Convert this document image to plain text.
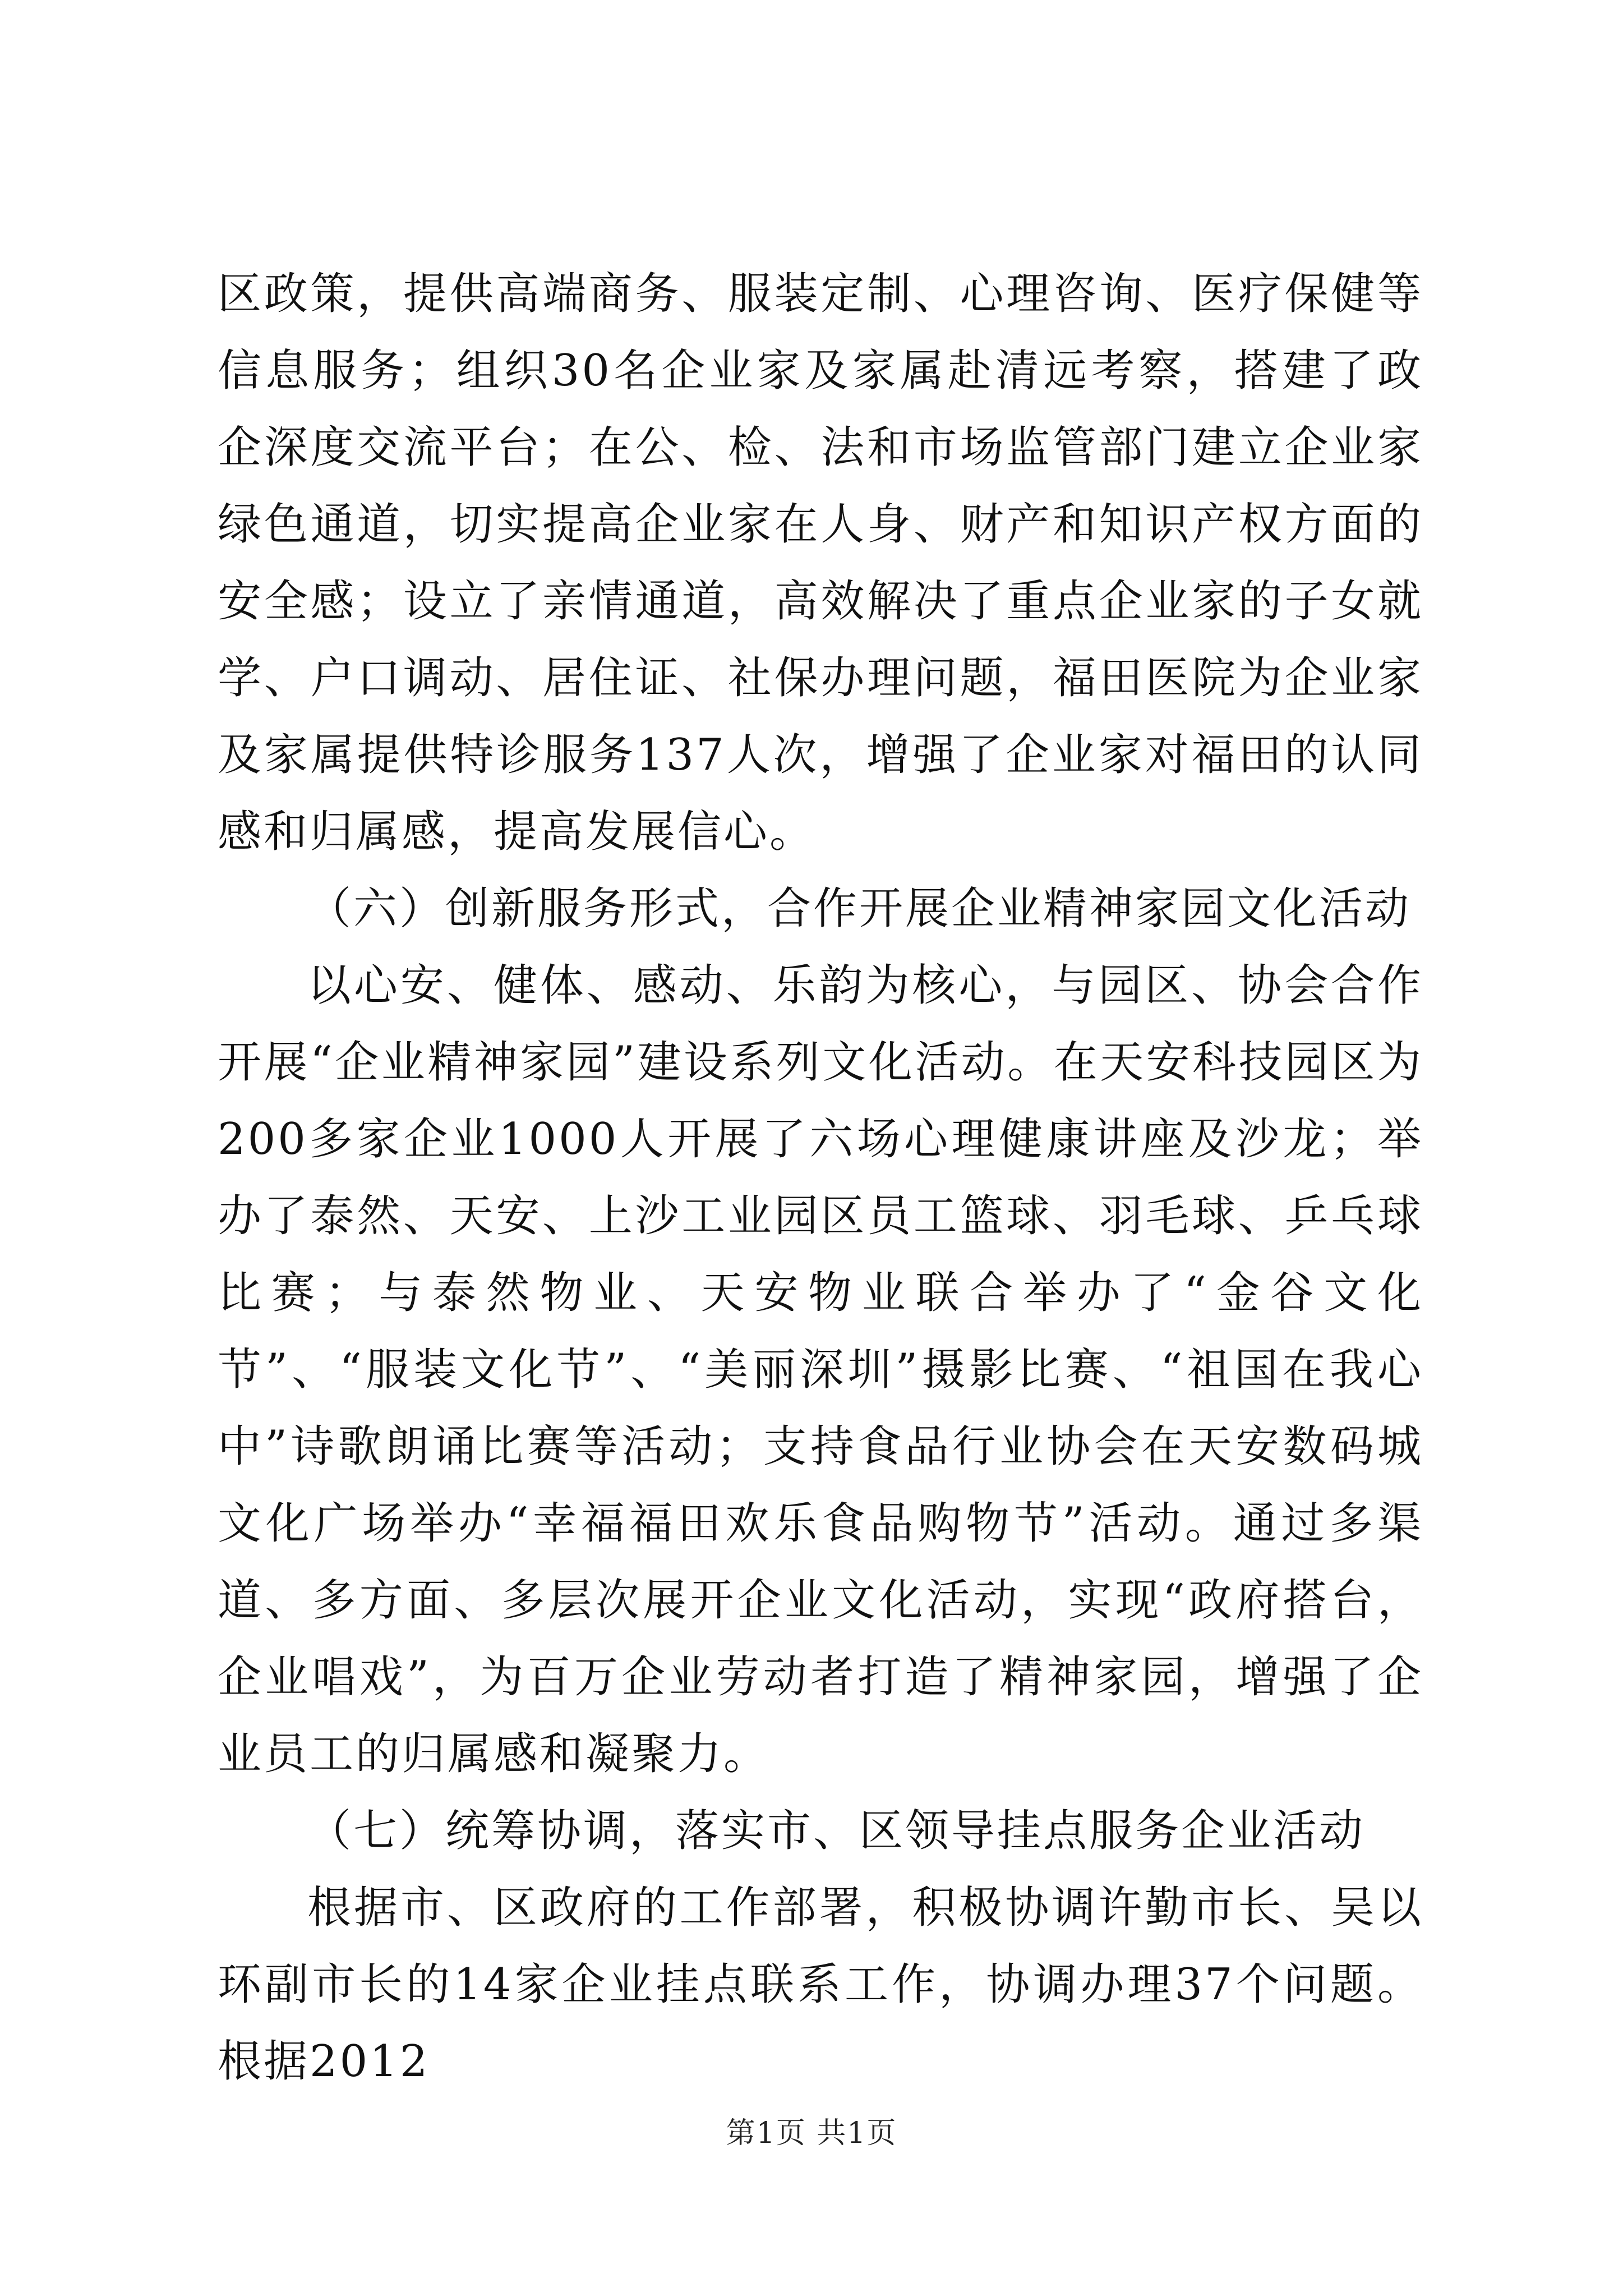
区政策，提供高端商务、服装定制、心理咨询、医疗保健等信息服务；组织30名企业家及家属赴清远考察，搭建了政企深度交流平台；在公、检、法和市场监管部门建立企业家绿色通道，切实提高企业家在人身、财产和知识产权方面的安全感；设立了亲情通道，高效解决了重点企业家的子女就学、户口调动、居住证、社保办理问题，福田医院为企业家及家属提供特诊服务137人次，增强了企业家对福田的认同感和归属感，提高发展信心。

（六）创新服务形式，合作开展企业精神家园文化活动

以心安、健体、感动、乐韵为核心，与园区、协会合作开展“企业精神家园”建设系列文化活动。在天安科技园区为200多家企业1000人开展了六场心理健康讲座及沙龙；举办了泰然、天安、上沙工业园区员工篮球、羽毛球、乒乓球比赛；与泰然物业、天安物业联合举办了“金谷文化节”、“服装文化节”、“美丽深圳”摄影比赛、“祖国在我心中”诗歌朗诵比赛等活动；支持食品行业协会在天安数码城文化广场举办“幸福福田欢乐食品购物节”活动。通过多渠道、多方面、多层次展开企业文化活动，实现“政府搭台，企业唱戏”，为百万企业劳动者打造了精神家园，增强了企业员工的归属感和凝聚力。

（七）统筹协调，落实市、区领导挂点服务企业活动

根据市、区政府的工作部署，积极协调许勤市长、吴以环副市长的14家企业挂点联系工作，协调办理37个问题。根据2012

第1页 共1页
